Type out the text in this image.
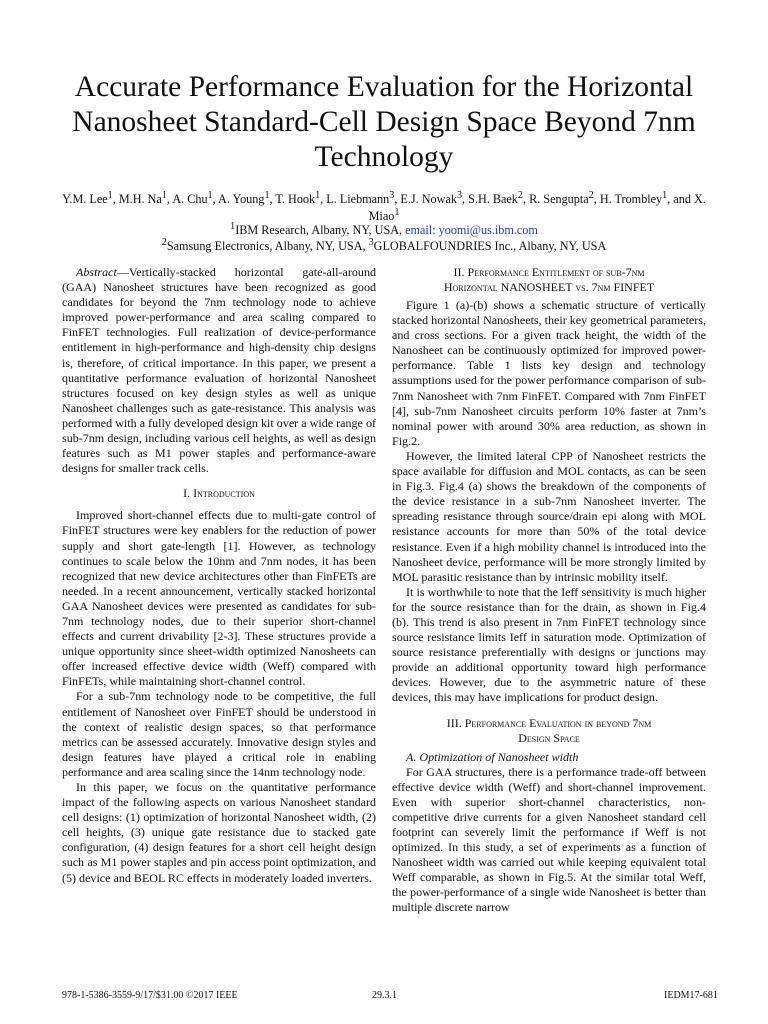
Accurate Performance Evaluation for the Horizontal Nanosheet Standard-Cell Design Space Beyond 7nm Technology
Y.M. Lee$^1$, M.H. Na$^1$, A. Chu$^1$, A. Young$^1$, T. Hook$^1$, L. Liebmann$^3$, E.J. Nowak$^3$, S.H. Baek$^2$, R. Sengupta$^2$, H. Trombley$^1$, and X. Miao$^1$
$^1$IBM Research, Albany, NY, USA, email: yoomi@us.ibm.com
$^2$Samsung Electronics, Albany, NY, USA, $^3$GLOBALFOUNDRIES Inc., Albany, NY, USA

Abstract—Vertically-stacked horizontal gate-all-around (GAA) Nanosheet structures have been recognized as good candidates for beyond the 7nm technology node to achieve improved power-performance and area scaling compared to FinFET technologies. Full realization of device-performance entitlement in high-performance and high-density chip designs is, therefore, of critical importance. In this paper, we present a quantitative performance evaluation of horizontal Nanosheet structures focused on key design styles as well as unique Nanosheet challenges such as gate-resistance. This analysis was performed with a fully developed design kit over a wide range of sub-7nm design, including various cell heights, as well as design features such as M1 power staples and performance-aware designs for smaller track cells.

I. Introduction

Improved short-channel effects due to multi-gate control of FinFET structures were key enablers for the reduction of power supply and short gate-length [1]. However, as technology continues to scale below the 10nm and 7nm nodes, it has been recognized that new device architectures other than FinFETs are needed. In a recent announcement, vertically stacked horizontal GAA Nanosheet devices were presented as candidates for sub-7nm technology nodes, due to their superior short-channel effects and current drivability [2-3]. These structures provide a unique opportunity since sheet-width optimized Nanosheets can offer increased effective device width (Weff) compared with FinFETs, while maintaining short-channel control.

For a sub-7nm technology node to be competitive, the full entitlement of Nanosheet over FinFET should be understood in the context of realistic design spaces, so that performance metrics can be assessed accurately. Innovative design styles and design features have played a critical role in enabling performance and area scaling since the 14nm technology node.

In this paper, we focus on the quantitative performance impact of the following aspects on various Nanosheet standard cell designs: (1) optimization of horizontal Nanosheet width, (2) cell heights, (3) unique gate resistance due to stacked gate configuration, (4) design features for a short cell height design such as M1 power staples and pin access point optimization, and (5) device and BEOL RC effects in moderately loaded inverters.

II. Performance Entitlement of sub-7nm
Horizontal NANOSHEET vs. 7nm FINFET

Figure 1 (a)-(b) shows a schematic structure of vertically stacked horizontal Nanosheets, their key geometrical parameters, and cross sections. For a given track height, the width of the Nanosheet can be continuously optimized for improved power-performance. Table 1 lists key design and technology assumptions used for the power performance comparison of sub-7nm Nanosheet with 7nm FinFET. Compared with 7nm FinFET [4], sub-7nm Nanosheet circuits perform 10% faster at 7nm’s nominal power with around 30% area reduction, as shown in Fig.2.

However, the limited lateral CPP of Nanosheet restricts the space available for diffusion and MOL contacts, as can be seen in Fig.3. Fig.4 (a) shows the breakdown of the components of the device resistance in a sub-7nm Nanosheet inverter. The spreading resistance through source/drain epi along with MOL resistance accounts for more than 50% of the total device resistance. Even if a high mobility channel is introduced into the Nanosheet device, performance will be more strongly limited by MOL parasitic resistance than by intrinsic mobility itself.

It is worthwhile to note that the Ieff sensitivity is much higher for the source resistance than for the drain, as shown in Fig.4 (b). This trend is also present in 7nm FinFET technology since source resistance limits Ieff in saturation mode. Optimization of source resistance preferentially with designs or junctions may provide an additional opportunity toward high performance devices. However, due to the asymmetric nature of these devices, this may have implications for product design.

III. Performance Evaluation in beyond 7nm
Design Space

A. Optimization of Nanosheet width

For GAA structures, there is a performance trade-off between effective device width (Weff) and short-channel improvement. Even with superior short-channel characteristics, non-competitive drive currents for a given Nanosheet standard cell footprint can severely limit the performance if Weff is not optimized. In this study, a set of experiments as a function of Nanosheet width was carried out while keeping equivalent total Weff comparable, as shown in Fig.5. At the similar total Weff, the power-performance of a single wide Nanosheet is better than multiple discrete narrow

978-1-5386-3559-9/17/$31.00 ©2017 IEEE	29.3.1	IEDM17-681
